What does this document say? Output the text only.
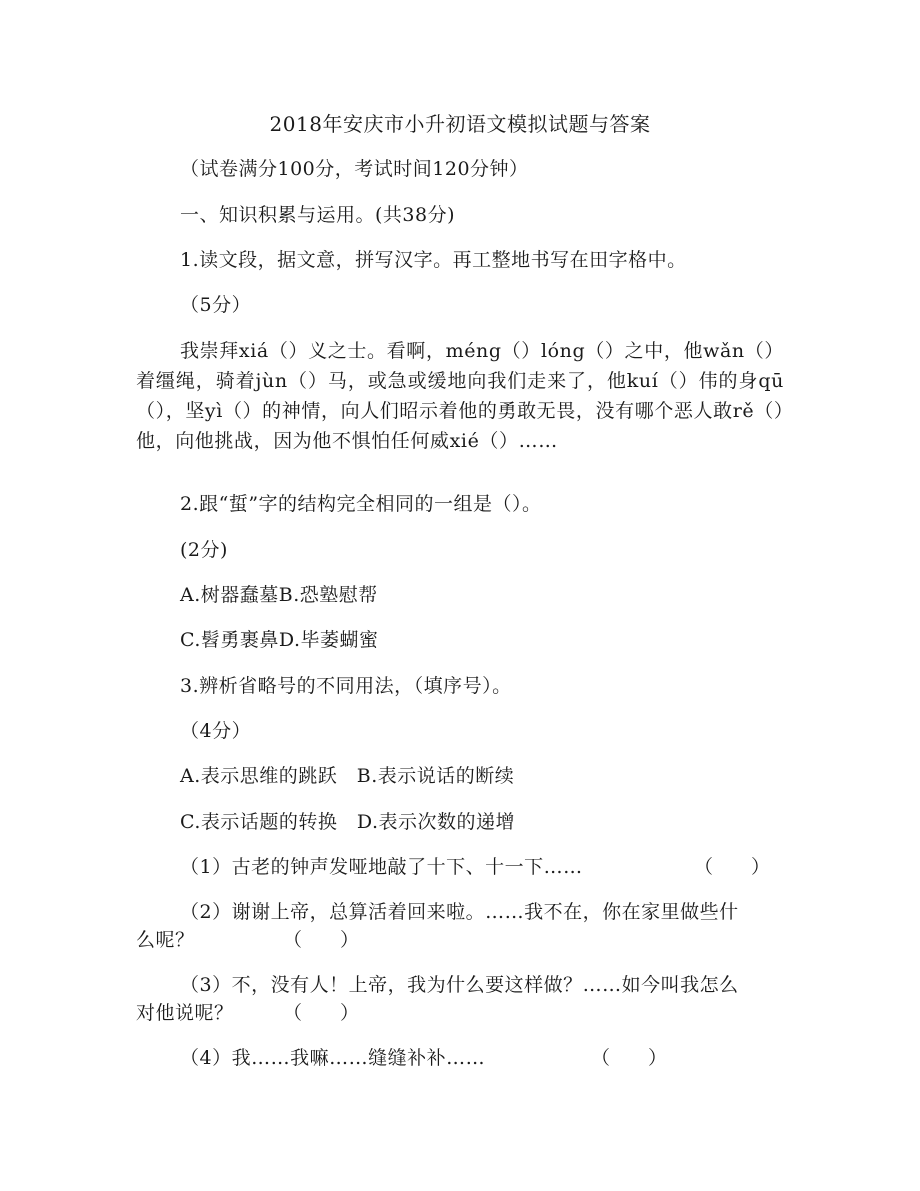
2018年安庆市小升初语文模拟试题与答案
（试卷满分100分，考试时间120分钟）
一、知识积累与运用。(共38分)
1.读文段，据文意，拼写汉字。再工整地书写在田字格中。
（5分）
我崇拜xiá（）义之士。看啊，méng（）lóng（）之中，他wǎn（）着缰绳，骑着jùn（）马，或急或缓地向我们走来了，他kuí（）伟的身qū（），坚yì（）的神情，向人们昭示着他的勇敢无畏，没有哪个恶人敢rě（）他，向他挑战，因为他不惧怕任何威xié（）……
2.跟“蜇”字的结构完全相同的一组是（）。
(2分)
A.树器蠢墓B.恐塾慰帮
C.髫勇裹鼻D.毕萎蝴蜜
3.辨析省略号的不同用法，（填序号）。
（4分）
A.表示思维的跳跃　B.表示说话的断续
C.表示话题的转换　D.表示次数的递增
（1）古老的钟声发哑地敲了十下、十一下……	（　　）
（2）谢谢上帝，总算活着回来啦。……我不在，你在家里做些什
么呢？	（　　）
（3）不，没有人！上帝，我为什么要这样做？……如今叫我怎么
对他说呢？	（　　）
（4）我……我嘛……缝缝补补……	（　　）
